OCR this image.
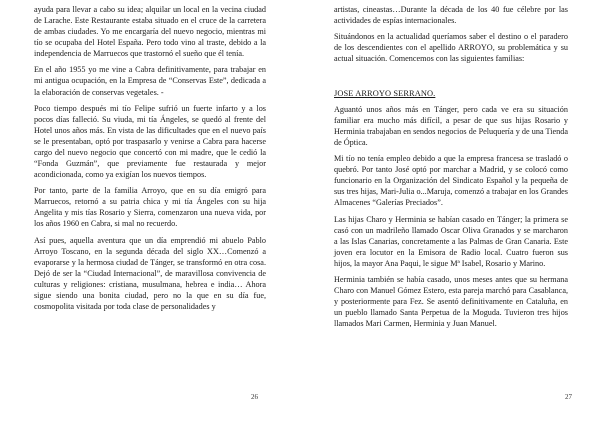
ayuda para llevar a cabo su idea; alquilar un local en la vecina ciudad de Larache. Este Restaurante estaba situado en el cruce de la carretera de ambas ciudades. Yo me encargaría del nuevo negocio, mientras mi tío se ocupaba del Hotel España. Pero todo vino al traste, debido a la independencia de Marruecos que trastornó el sueño que él tenía.

En el año 1955 yo me vine a Cabra definitivamente, para trabajar en mi antigua ocupación, en la Empresa de “Conservas Este”, dedicada a la elaboración de conservas vegetales. -

Poco tiempo después mi tío Felipe sufrió un fuerte infarto y a los pocos días falleció. Su viuda, mi tía Ángeles, se quedó al frente del Hotel unos años más. En vista de las dificultades que en el nuevo país se le presentaban, optó por traspasarlo y venirse a Cabra para hacerse cargo del nuevo negocio que concertó con mi madre, que le cedió la “Fonda Guzmán”, que previamente fue restaurada y mejor acondicionada, como ya exigían los nuevos tiempos.

Por tanto, parte de la familia Arroyo, que en su día emigró para Marruecos, retornó a su patria chica y mi tía Ángeles con su hija Angelita y mis tías Rosario y Sierra, comenzaron una nueva vida, por los años 1960 en Cabra, si mal no recuerdo.

Así pues, aquella aventura que un día emprendió mi abuelo Pablo Arroyo Toscano, en la segunda década del siglo XX…Comenzó a evaporarse y la hermosa ciudad de Tánger, se transformó en otra cosa. Dejó de ser la “Ciudad Internacional”, de maravillosa convivencia de culturas y religiones: cristiana, musulmana, hebrea e india… Ahora sigue siendo una bonita ciudad, pero no la que en su día fue, cosmopolita visitada por toda clase de personalidades y

26

artistas, cineastas…Durante la década de los 40 fue célebre por las actividades de espías internacionales.

Situándonos en la actualidad queríamos saber el destino o el paradero de los descendientes con el apellido ARROYO, su problemática y su actual situación. Comencemos con las siguientes familias:

JOSE ARROYO SERRANO.

Aguantó unos años más en Tánger, pero cada ve era su situación familiar era mucho más difícil, a pesar de que sus hijas Rosario y Herminia trabajaban en sendos negocios de Peluquería y de una Tienda de Óptica.

Mi tío no tenía empleo debido a que la empresa francesa se trasladó o quebró. Por tanto José optó por marchar a Madrid, y se colocó como funcionario en la Organización del Sindicato Español y la pequeña de sus tres hijas, Mari-Julia o...Maruja, comenzó a trabajar en los Grandes Almacenes “Galerías Preciados”.

Las hijas Charo y Herminia se habían casado en Tánger; la primera se casó con un madrileño llamado Oscar Oliva Granados y se marcharon a las Islas Canarias, concretamente a las Palmas de Gran Canaria. Este joven era locutor en la Emisora de Radio local. Cuatro fueron sus hijos, la mayor Ana Paqui, le sigue Mª Isabel, Rosario y Marino.

Herminia también se había casado, unos meses antes que su hermana Charo con Manuel Gómez Estero, esta pareja marchó para Casablanca, y posteriormente para Fez. Se asentó definitivamente en Cataluña, en un pueblo llamado Santa Perpetua de la Moguda. Tuvieron tres hijos llamados Mari Carmen, Herminia y Juan Manuel.

27
